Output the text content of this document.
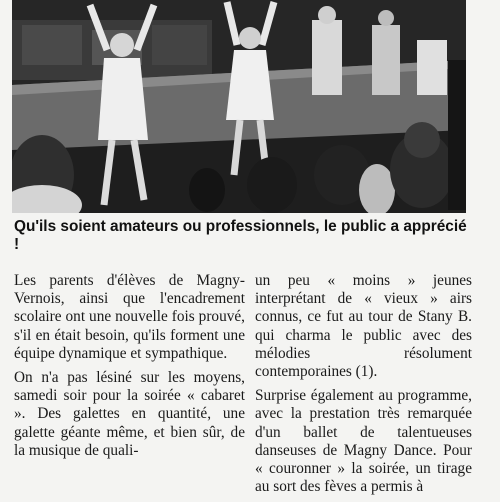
Qu'ils soient amateurs ou professionnels, le public a apprécié !

Les parents d'élèves de Magny-Vernois, ainsi que l'encadrement scolaire ont une nouvelle fois prouvé, s'il en était besoin, qu'ils forment une équipe dynamique et sympathique.

On n'a pas lésiné sur les moyens, samedi soir pour la soirée « cabaret ». Des galettes en quantité, une galette géante même, et bien sûr, de la musique de quali-

un peu « moins » jeunes interprétant de « vieux » airs connus, ce fut au tour de Stany B. qui charma le public avec des mélodies résolument contemporaines (1).

Surprise également au programme, avec la prestation très remarquée d'un ballet de talentueuses danseuses de Magny Dance. Pour « couronner » la soirée, un tirage au sort des fèves a permis à
